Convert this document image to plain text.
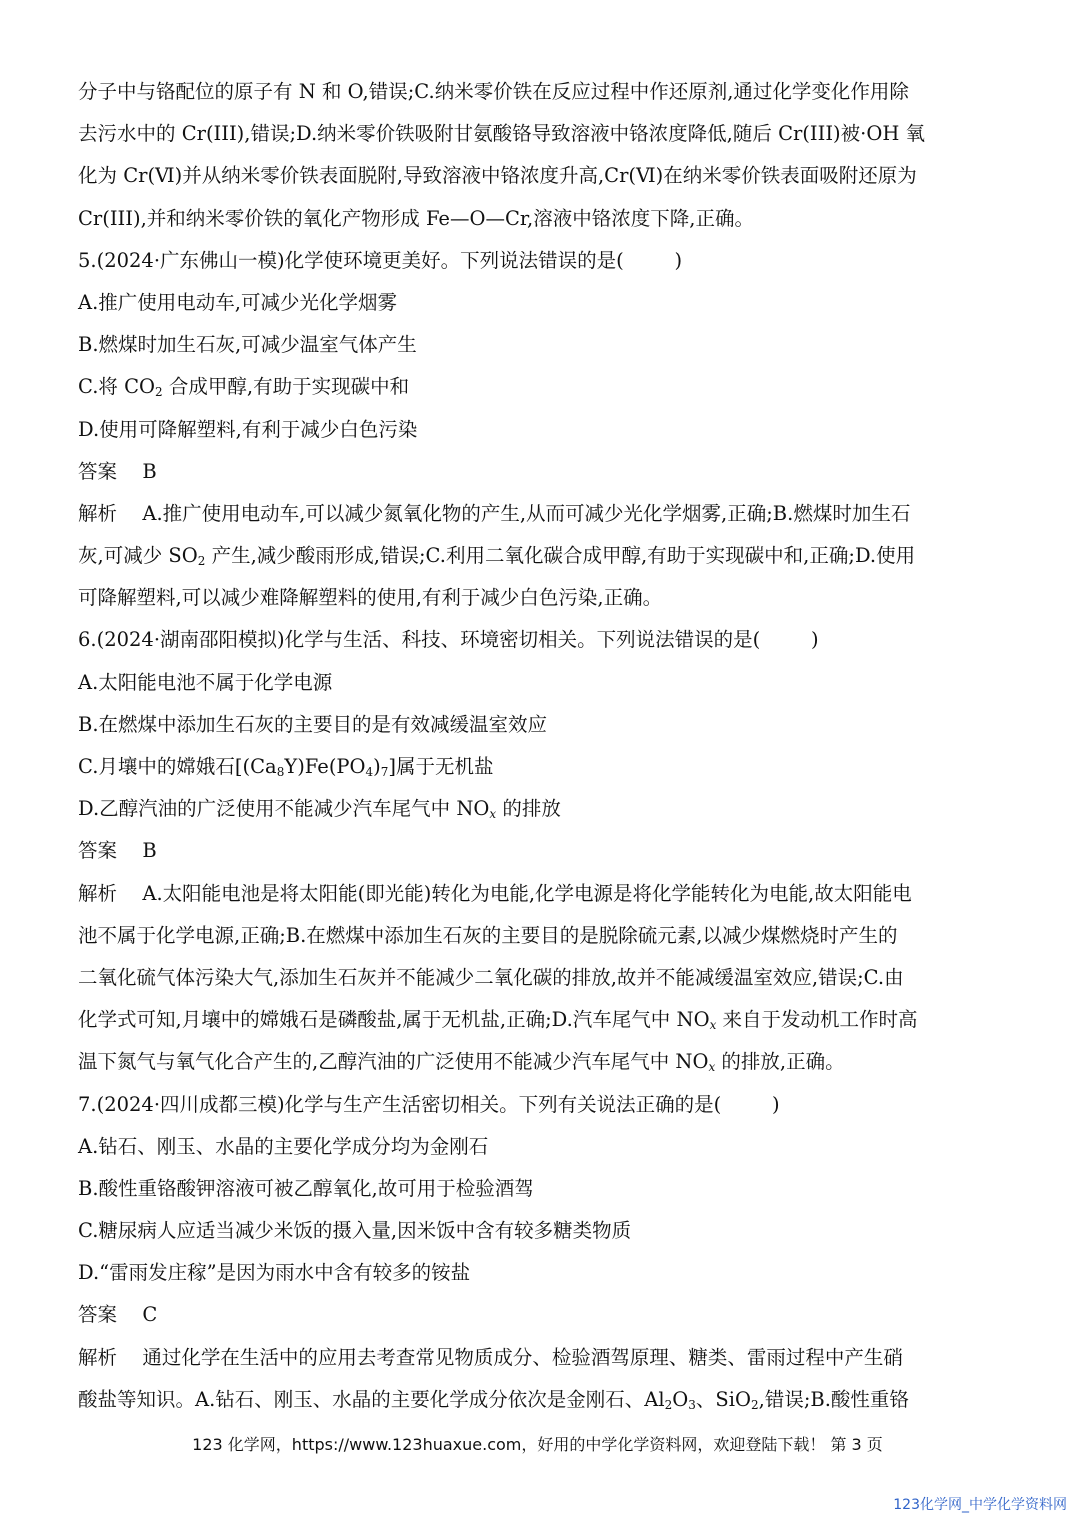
分子中与铬配位的原子有 N 和 O,错误;C.纳米零价铁在反应过程中作还原剂,通过化学变化作用除
去污水中的 Cr(III),错误;D.纳米零价铁吸附甘氨酸铬导致溶液中铬浓度降低,随后 Cr(III)被·OH 氧
化为 Cr(Ⅵ)并从纳米零价铁表面脱附,导致溶液中铬浓度升高,Cr(Ⅵ)在纳米零价铁表面吸附还原为
Cr(III),并和纳米零价铁的氧化产物形成 Fe—O—Cr,溶液中铬浓度下降,正确。
5.(2024·广东佛山一模)化学使环境更美好。下列说法错误的是(	)
A.推广使用电动车,可减少光化学烟雾
B.燃煤时加生石灰,可减少温室气体产生
C.将 $CO_2$ 合成甲醇,有助于实现碳中和
D.使用可降解塑料,有利于减少白色污染
答案 B
解析 A.推广使用电动车,可以减少氮氧化物的产生,从而可减少光化学烟雾,正确;B.燃煤时加生石
灰,可减少 $SO_2$ 产生,减少酸雨形成,错误;C.利用二氧化碳合成甲醇,有助于实现碳中和,正确;D.使用
可降解塑料,可以减少难降解塑料的使用,有利于减少白色污染,正确。
6.(2024·湖南邵阳模拟)化学与生活、科技、环境密切相关。下列说法错误的是(	)
A.太阳能电池不属于化学电源
B.在燃煤中添加生石灰的主要目的是有效减缓温室效应
C.月壤中的嫦娥石$[(Ca_8Y)Fe(PO_4)_7]$属于无机盐
D.乙醇汽油的广泛使用不能减少汽车尾气中 $NO_x$ 的排放
答案 B
解析 A.太阳能电池是将太阳能(即光能)转化为电能,化学电源是将化学能转化为电能,故太阳能电
池不属于化学电源,正确;B.在燃煤中添加生石灰的主要目的是脱除硫元素,以减少煤燃烧时产生的
二氧化硫气体污染大气,添加生石灰并不能减少二氧化碳的排放,故并不能减缓温室效应,错误;C.由
化学式可知,月壤中的嫦娥石是磷酸盐,属于无机盐,正确;D.汽车尾气中 $NO_x$ 来自于发动机工作时高
温下氮气与氧气化合产生的,乙醇汽油的广泛使用不能减少汽车尾气中 $NO_x$ 的排放,正确。
7.(2024·四川成都三模)化学与生产生活密切相关。下列有关说法正确的是(	)
A.钻石、刚玉、水晶的主要化学成分均为金刚石
B.酸性重铬酸钾溶液可被乙醇氧化,故可用于检验酒驾
C.糖尿病人应适当减少米饭的摄入量,因米饭中含有较多糖类物质
D.“雷雨发庄稼”是因为雨水中含有较多的铵盐
答案 C
解析 通过化学在生活中的应用去考查常见物质成分、检验酒驾原理、糖类、雷雨过程中产生硝
酸盐等知识。A.钻石、刚玉、水晶的主要化学成分依次是金刚石、$Al_2O_3$、SiO$_2$,错误;B.酸性重铬
123 化学网，https://www.123huaxue.com，好用的中学化学资料网，欢迎登陆下载！ 第 3 页
123化学网_中学化学资料网
